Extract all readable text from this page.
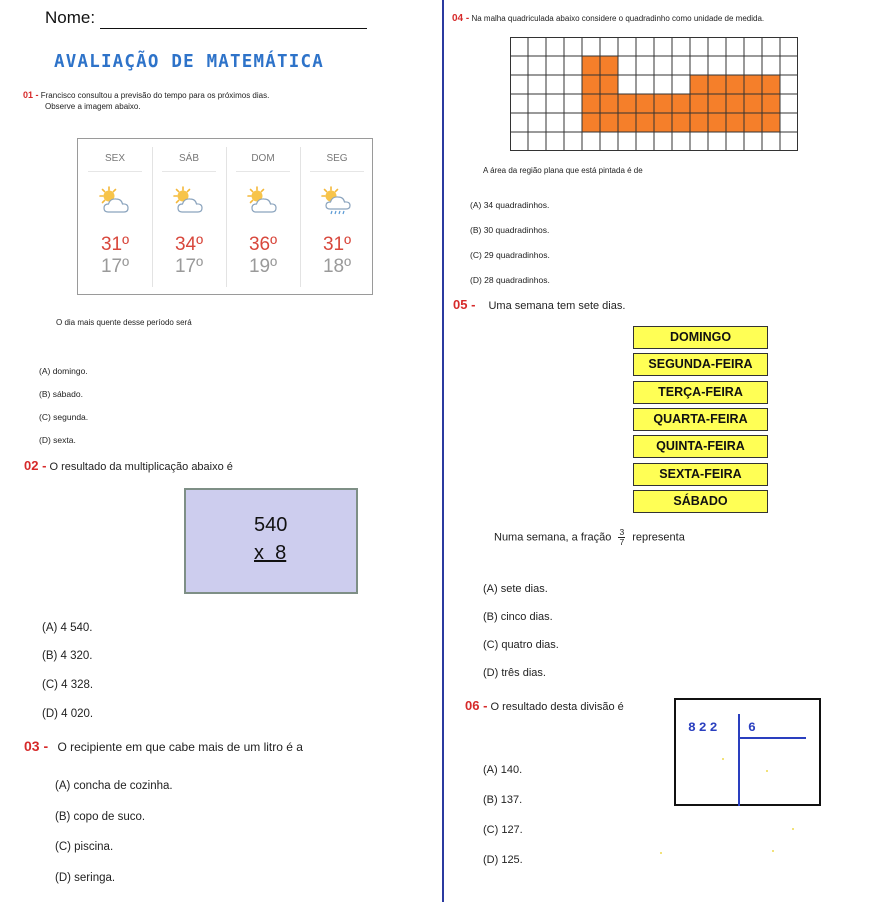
Nome:
AVALIAÇÃO DE MATEMÁTICA
01 - Francisco consultou a previsão do tempo para os próximos dias.
Observe a imagem abaixo.
SEX
31º
17º
SÁB
34º
17º
DOM
36º
19º
SEG
31º
18º
O dia mais quente desse período será
(A) domingo.
(B) sábado.
(C) segunda.
(D) sexta.
02 - O resultado da multiplicação abaixo é
540
x  8
(A) 4 540.
(B) 4 320.
(C) 4 328.
(D) 4 020.
03 - O recipiente em que cabe mais de um litro é a
(A) concha de cozinha.
(B) copo de suco.
(C) piscina.
(D) seringa.
04 - Na malha quadriculada abaixo considere o quadradinho como unidade de medida.
A área da região plana que está pintada é de
(A) 34 quadradinhos.
(B) 30 quadradinhos.
(C) 29 quadradinhos.
(D) 28 quadradinhos.
05 - Uma semana tem sete dias.
DOMINGO
SEGUNDA-FEIRA
TERÇA-FEIRA
QUARTA-FEIRA
QUINTA-FEIRA
SEXTA-FEIRA
SÁBADO
Numa semana, a fração $\frac{3}{7}$ representa
(A) sete dias.
(B) cinco dias.
(C) quatro dias.
(D) três dias.
06 - O resultado desta divisão é
822 6
(A) 140.
(B) 137.
(C) 127.
(D) 125.
